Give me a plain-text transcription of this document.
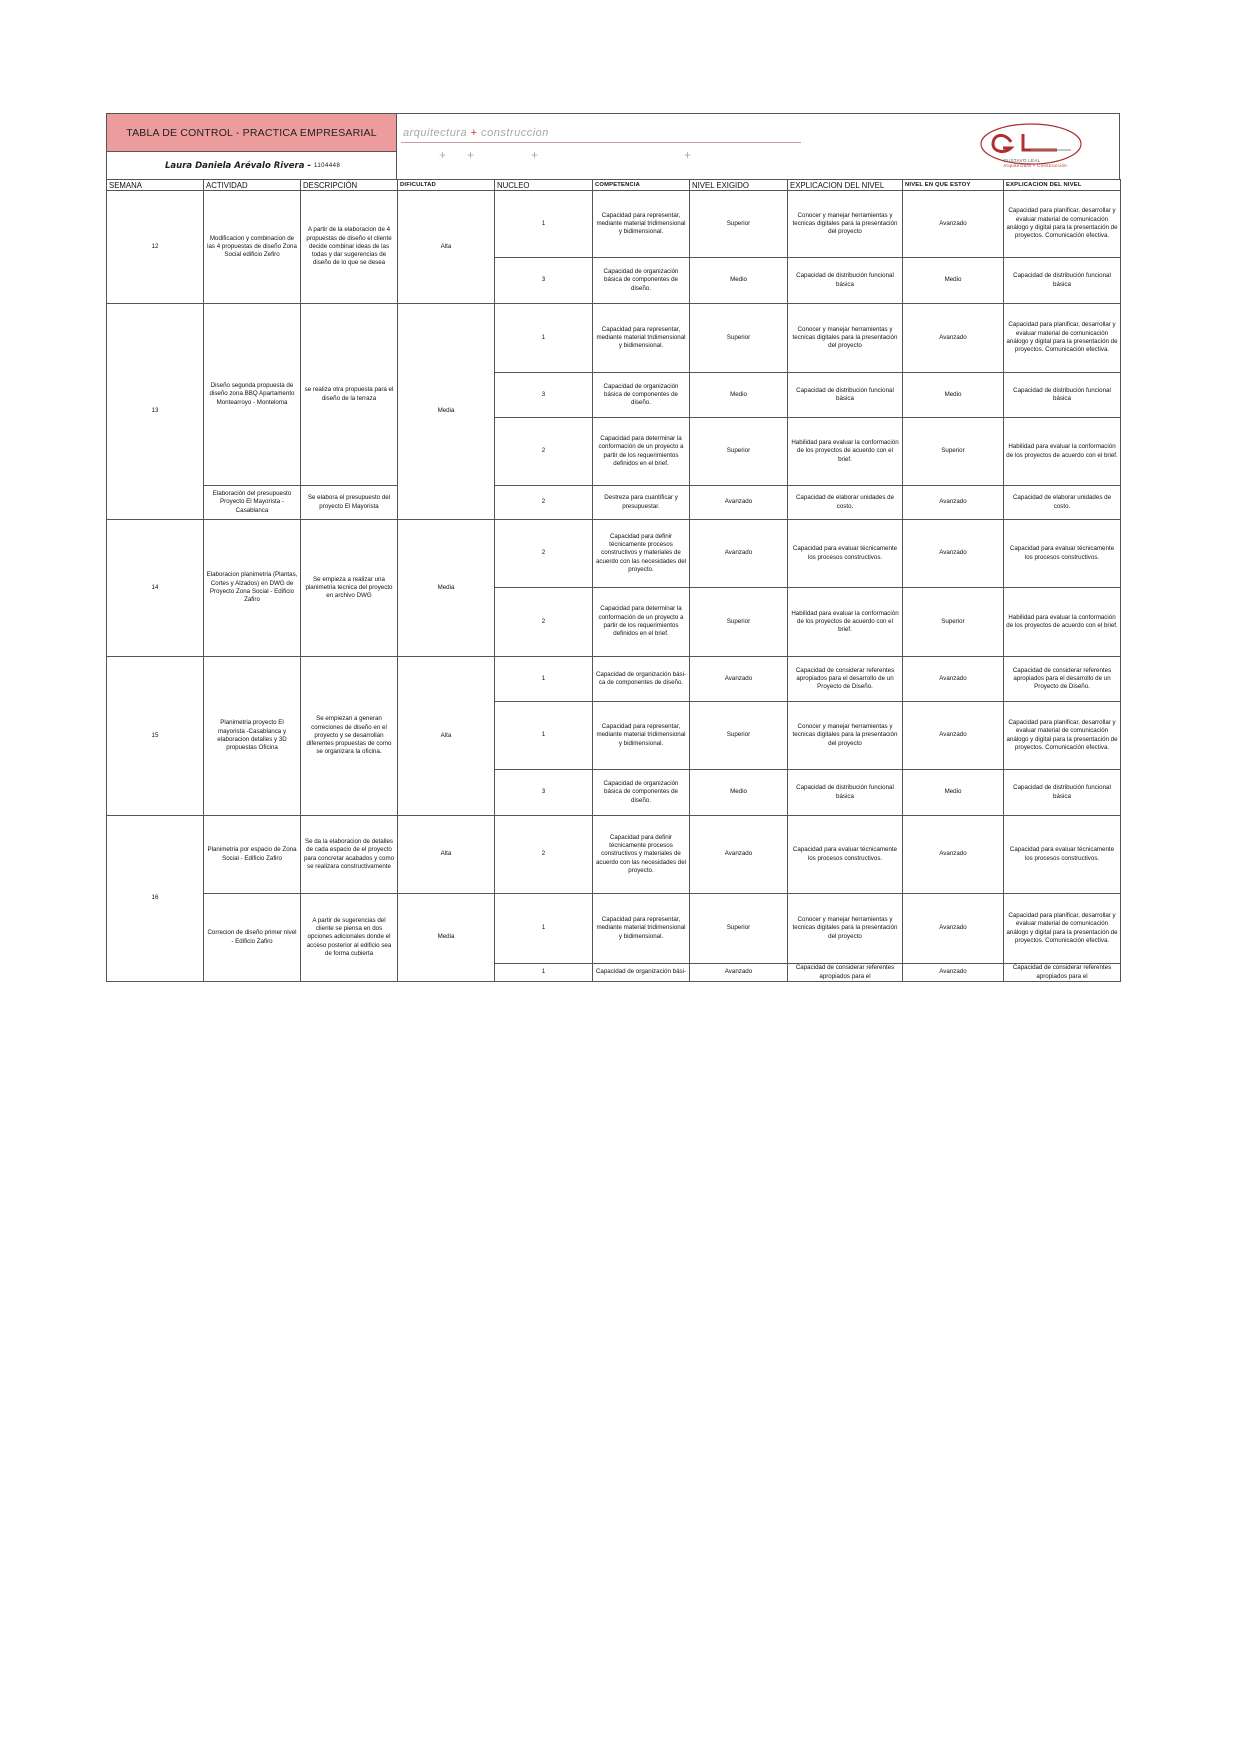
TABLA DE CONTROL - PRACTICA EMPRESARIAL
Laura Daniela Arévalo Rivera - 1104448
arquitectura + construccion
+ +	+	+	GUSTAVO LEAL
Arquitectura + Construcción
SEMANA	ACTIVIDAD	DESCRIPCIÓN	DIFICULTAD	NUCLEO	COMPETENCIA	NIVEL EXIGIDO	EXPLICACION DEL NIVEL	NIVEL EN QUE ESTOY	EXPLICACION DEL NIVEL
12	Modificacion y combinacion de las 4 propuestas de diseño Zona Social edificio Zefiro	A partir de la elaboracion de 4 propuestas de diseño el cliente decide combinar ideas de las todas y dar sugerencias de diseño de lo que se desea	Alta	1	Capacidad para representar, mediante material tridimensional y bidimensional.	Superior	Conocer y manejar herramientas y tecnicas digitales para la presentación del proyecto	Avanzado	Capacidad para planificar, desarrollar y evaluar material de comunicación análogo y digital para la presentación de proyectos. Comunicación efectiva.
				3	Capacidad de organización básica de componentes de diseño.	Medio	Capacidad de distribución funcional básica	Medio	Capacidad de distribución funcional básica
13	Diseño segunda propuesta de diseño zona BBQ Apartamento Montearroyo - Monteloma	se realiza otra propuesta para el diseño de la terraza	Media	1	Capacidad para representar, mediante material tridimensional y bidimensional.	Superior	Conocer y manejar herramientas y tecnicas digitales para la presentación del proyecto	Avanzado	Capacidad para planificar, desarrollar y evaluar material de comunicación análogo y digital para la presentación de proyectos. Comunicación efectiva.
				3	Capacidad de organización básica de componentes de diseño.	Medio	Capacidad de distribución funcional básica	Medio	Capacidad de distribución funcional básica
				2	Capacidad para determinar la conformación de un proyecto a partir de los requerimientos definidos en el brief.	Superior	Habilidad para evaluar la conformación de los proyectos de acuerdo con el brief.	Superior	Habilidad para evaluar la conformación de los proyectos de acuerdo con el brief.
	Elaboración del presupuesto Proyecto El Mayorista - Casablanca	Se elabora el presupuesto del proyecto El Mayorista		2	Destreza para cuantificar y presupuestar.	Avanzado	Capacidad de elaborar unidades de costo.	Avanzado	Capacidad de elaborar unidades de costo.
14	Elaboracion planimetria (Plantas, Cortes y Alzados) en DWG de Proyecto Zona Social - Edificio Zafiro	Se empieza a realizar una planimetria tecnica del proyecto en archivo DWG	Media	2	Capacidad para definir técnicamente procesos constructivos y materiales de acuerdo con las necesidades del proyecto.	Avanzado	Capacidad para evaluar técnicamente los procesos constructivos.	Avanzado	Capacidad para evaluar técnicamente los procesos constructivos.
				2	Capacidad para determinar la conformación de un proyecto a partir de los requerimientos definidos en el brief.	Superior	Habilidad para evaluar la conformación de los proyectos de acuerdo con el brief.	Superior	Habilidad para evaluar la conformación de los proyectos de acuerdo con el brief.
15	Planimetria proyecto El mayorista -Casablanca y elaboracion detalles y 3D propuestas Oficina	Se empiezan a generan correciones de diseño en el proyecto y se desarrollan diferentes propuestas de como se organizara la oficina.	Alta	1	Capacidad de organización bási- ca de componentes de diseño.	Avanzado	Capacidad de considerar referentes apropiados para el desarrollo de un Proyecto de Diseño.	Avanzado	Capacidad de considerar referentes apropiados para el desarrollo de un Proyecto de Diseño.
				1	Capacidad para representar, mediante material tridimensional y bidimensional.	Superior	Conocer y manejar herramientas y tecnicas digitales para la presentación del proyecto	Avanzado	Capacidad para planificar, desarrollar y evaluar material de comunicación análogo y digital para la presentación de proyectos. Comunicación efectiva.
				3	Capacidad de organización básica de componentes de diseño.	Medio	Capacidad de distribución funcional básica	Medio	Capacidad de distribución funcional básica
16	Planimetria por espacio de Zona Social - Edificio Zafiro	Se da la elaboracion de detalles de cada espacio de el proyecto para concretar acabados y como se realizara constructivamente	Alta	2	Capacidad para definir técnicamente procesos constructivos y materiales de acuerdo con las necesidades del proyecto.	Avanzado	Capacidad para evaluar técnicamente los procesos constructivos.	Avanzado	Capacidad para evaluar técnicamente los procesos constructivos.
	Correcion de diseño primer nivel - Edificio Zafiro	A partir de sugerencias del cliente se piensa en dos opciones adicionales donde el acceso posterior al edificio sea de forma cubierta	Media	1	Capacidad para representar, mediante material tridimensional y bidimensional.	Superior	Conocer y manejar herramientas y tecnicas digitales para la presentación del proyecto	Avanzado	Capacidad para planificar, desarrollar y evaluar material de comunicación análogo y digital para la presentación de proyectos. Comunicación efectiva.
				1	Capacidad de organización bási-	Avanzado	Capacidad de considerar referentes apropiados para el	Avanzado	Capacidad de considerar referentes apropiados para el
